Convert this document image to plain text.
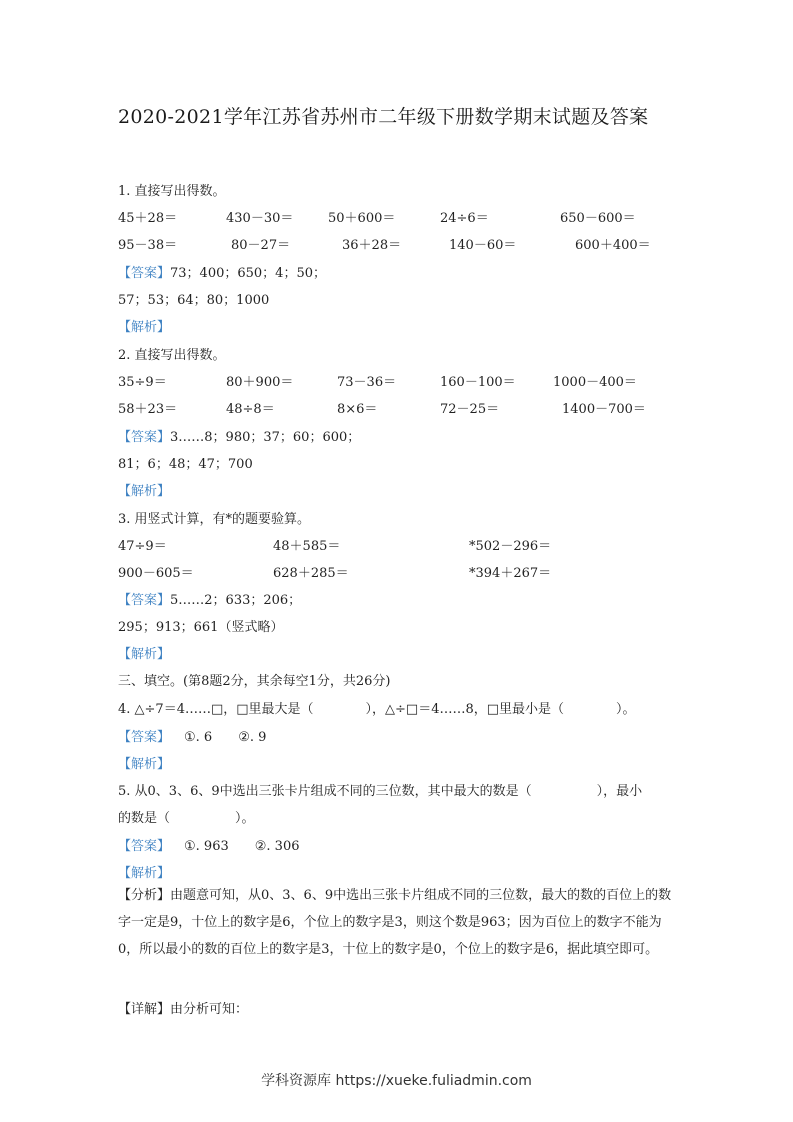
2020-2021学年江苏省苏州市二年级下册数学期末试题及答案
1. 直接写出得数。
45＋28＝	430－30＝	50＋600＝	24÷6＝	650－600＝
95－38＝	80－27＝	36＋28＝	140－60＝	600＋400＝
【答案】73；400；650；4；50；
57；53；64；80；1000
【解析】
2. 直接写出得数。
35÷9＝	80＋900＝	73－36＝	160－100＝	1000－400＝
58＋23＝	48÷8＝	8×6＝	72－25＝	1400－700＝
【答案】3……8；980；37；60；600；
81；6；48；47；700
【解析】
3. 用竖式计算，有*的题要验算。
47÷9＝	48＋585＝	*502－296＝
900－605＝	628＋285＝	*394＋267＝
【答案】5……2；633；206；
295；913；661（竖式略）
【解析】
三、填空。(第8题2分，其余每空1分，共26分)
4. △÷7＝4……□，□里最大是（　　　　），△÷□＝4……8，□里最小是（　　　　）。
【答案】 ①. 6　　②. 9
【解析】
5. 从0、3、6、9中选出三张卡片组成不同的三位数，其中最大的数是（　　　　　），最小
的数是（　　　　　）。
【答案】 ①. 963　　②. 306
【解析】
【分析】由题意可知，从0、3、6、9中选出三张卡片组成不同的三位数，最大的数的百位上的数字一定是9，十位上的数字是6，个位上的数字是3，则这个数是963；因为百位上的数字不能为0，所以最小的数的百位上的数字是3，十位上的数字是0，个位上的数字是6，据此填空即可。
【详解】由分析可知：
学科资源库 https://xueke.fuliadmin.com
